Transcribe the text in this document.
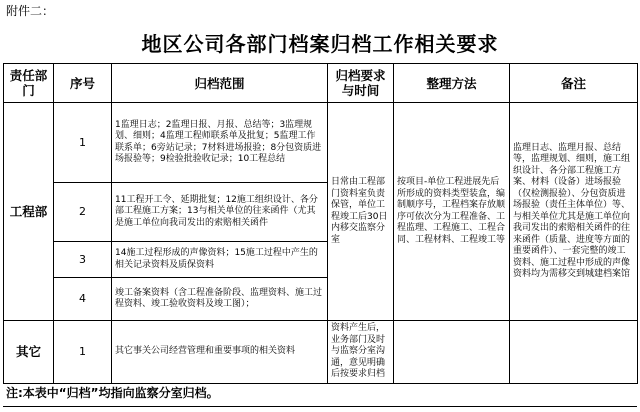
附件二：
地区公司各部门档案归档工作相关要求
责任部门	序号	归档范围	归档要求与时间	整理方法	备注
工程部	1	1监理日志；2监理日报、月报、总结等；3监理规划、细则；4监理工程师联系单及批复；5监理工作联系单；6旁站记录；7材料进场报验；8分包资质进场报验等；9检验批验收记录；10工程总结	日常由工程部门资料室负责保管，单位工程竣工后30日内移交监察分室	按项目-单位工程进展先后所形成的资料类型装盒，编制顺序号，工程档案存放顺序可依次分为工程准备、工程监理、工程施工、工程合同、工程材料、工程竣工等	监理日志、监理月报、总结等，监理规划、细则，施工组织设计、各分部工程施工方案、材料（设备）进场报验（仅检测报验）、分包资质进场报验（责任主体单位）等、与相关单位尤其是施工单位向我司发出的索赔相关函件的往来函件（质量、进度等方面的重要函件）、一套完整的竣工资料、施工过程中形成的声像资料均为需移交到城建档案馆
	2	11工程开工令、延期批复；12施工组织设计、各分部工程施工方案；13与相关单位的往来函件（尤其是施工单位向我司发出的索赔相关函件			
	3	14施工过程形成的声像资料；15施工过程中产生的相关记录资料及质保资料			
	4	竣工备案资料（含工程准备阶段、监理资料、施工过程资料、竣工验收资料及竣工图）；			
其它	1	其它事关公司经营管理和重要事项的相关资料	资料产生后，业务部门及时与监察分室沟通，意见明确后按要求归档		
注:本表中“归档”均指向监察分室归档。
